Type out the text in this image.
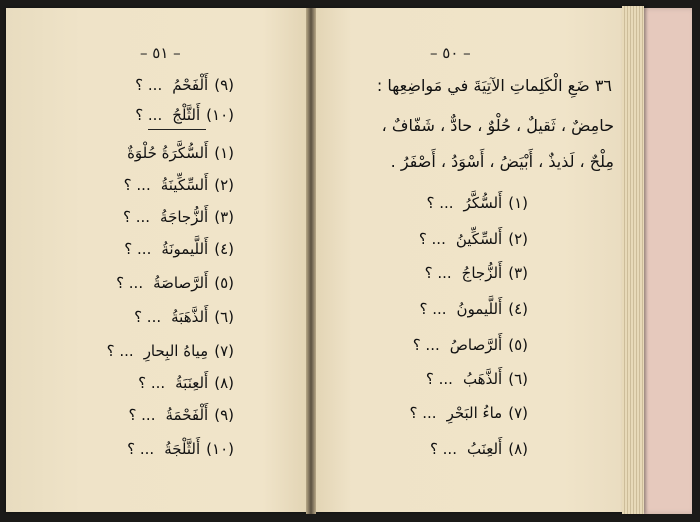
– ٥١ –
(٩)أَلْفَحْمُ... ؟
(١٠)أَلثَّلْجُ... ؟
(١)أَلسُّكَّرَةُ حُلْوَةٌ
(٢)أَلسِّكِّينَةُ... ؟
(٣)أَلزُّجاجَةُ... ؟
(٤)أَللَّيمونَةُ... ؟
(٥)أَلرَّصاصَةُ... ؟
(٦)أَلذَّهَبَةُ... ؟
(٧)مِياهُ البِحارِ... ؟
(٨)أَلعِنَبَةُ... ؟
(٩)أَلْفَحْمَةُ... ؟
(١٠)أَلثَّلْجَةُ... ؟
– ٥٠ –
٣٦ ضَعِ الْكَلِماتِ الآتِيَةَ في مَواضِعِها :
حامِضٌ ، ثَقيلٌ ، حُلْوٌ ، حادٌّ ، شَفّافٌ ،
مِلْحٌ ، لَذيذٌ ، أَبْيَضُ ، أَسْوَدُ ، أَصْفَرُ .
(١)أَلسُّكَّرُ... ؟
(٢)أَلسِّكِّينُ... ؟
(٣)أَلزُّجاجُ... ؟
(٤)أَللَّيمونُ... ؟
(٥)أَلرَّصاصُ... ؟
(٦)أَلذَّهَبُ... ؟
(٧)ماءُ البَحْرِ... ؟
(٨)أَلعِنَبُ... ؟
